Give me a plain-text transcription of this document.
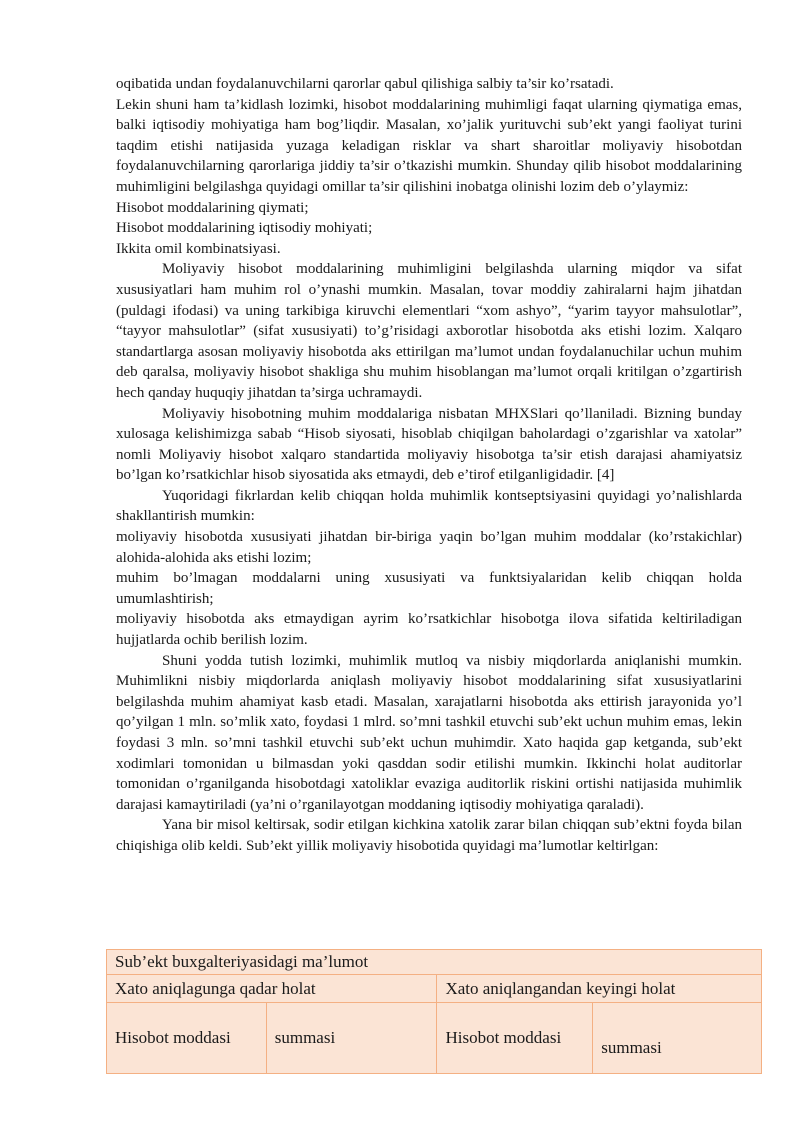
oqibatida undan foydalanuvchilarni qarorlar qabul qilishiga salbiy ta’sir ko’rsatadi.

Lekin shuni ham ta’kidlash lozimki, hisobot moddalarining muhimligi faqat ularning qiymatiga emas, balki iqtisodiy mohiyatiga ham bog’liqdir. Masalan, xo’jalik yurituvchi sub’ekt yangi faoliyat turini taqdim etishi natijasida yuzaga keladigan risklar va shart sharoitlar moliyaviy hisobotdan foydalanuvchilarning qarorlariga jiddiy ta’sir o’tkazishi mumkin. Shunday qilib hisobot moddalarining muhimligini belgilashga quyidagi omillar ta’sir qilishini inobatga olinishi lozim deb o’ylaymiz:

Hisobot moddalarining qiymati;

Hisobot moddalarining iqtisodiy mohiyati;

Ikkita omil kombinatsiyasi.

Moliyaviy hisobot moddalarining muhimligini belgilashda ularning miqdor va sifat xususiyatlari ham muhim rol o’ynashi mumkin. Masalan, tovar moddiy zahiralarni hajm jihatdan (puldagi ifodasi) va uning tarkibiga kiruvchi elementlari “xom ashyo”, “yarim tayyor mahsulotlar”, “tayyor mahsulotlar” (sifat xususiyati) to’g’risidagi axborotlar hisobotda aks etishi lozim. Xalqaro standartlarga asosan moliyaviy hisobotda aks ettirilgan ma’lumot undan foydalanuchilar uchun muhim deb qaralsa, moliyaviy hisobot shakliga shu muhim hisoblangan ma’lumot orqali kritilgan o’zgartirish hech qanday huquqiy jihatdan ta’sirga uchramaydi.

Moliyaviy hisobotning muhim moddalariga nisbatan MHXSlari qo’llaniladi. Bizning bunday xulosaga kelishimizga sabab “Hisob siyosati, hisoblab chiqilgan baholardagi o’zgarishlar va xatolar” nomli Moliyaviy hisobot xalqaro standartida moliyaviy hisobotga ta’sir etish darajasi ahamiyatsiz bo’lgan ko’rsatkichlar hisob siyosatida aks etmaydi, deb e’tirof etilganligidadir. [4]

Yuqoridagi fikrlardan kelib chiqqan holda muhimlik kontseptsiyasini quyidagi yo’nalishlarda shakllantirish mumkin:

moliyaviy hisobotda xususiyati jihatdan bir-biriga yaqin bo’lgan muhim moddalar (ko’rstakichlar) alohida-alohida aks etishi lozim;

muhim bo’lmagan moddalarni uning xususiyati va funktsiyalaridan kelib chiqqan holda umumlashtirish;

moliyaviy hisobotda aks etmaydigan ayrim ko’rsatkichlar hisobotga ilova sifatida keltiriladigan hujjatlarda ochib berilish lozim.

Shuni yodda tutish lozimki, muhimlik mutloq va nisbiy miqdorlarda aniqlanishi mumkin. Muhimlikni nisbiy miqdorlarda aniqlash moliyaviy hisobot moddalarining sifat xususiyatlarini belgilashda muhim ahamiyat kasb etadi. Masalan, xarajatlarni hisobotda aks ettirish jarayonida yo’l qo’yilgan 1 mln. so’mlik xato, foydasi 1 mlrd. so’mni tashkil etuvchi sub’ekt uchun muhim emas, lekin foydasi 3 mln. so’mni tashkil etuvchi sub’ekt uchun muhimdir. Xato haqida gap ketganda, sub’ekt xodimlari tomonidan u bilmasdan yoki qasddan sodir etilishi mumkin. Ikkinchi holat auditorlar tomonidan o’rganilganda hisobotdagi xatoliklar evaziga auditorlik riskini ortishi natijasida muhimlik darajasi kamaytiriladi (ya’ni o’rganilayotgan moddaning iqtisodiy mohiyatiga qaraladi).

Yana bir misol keltirsak, sodir etilgan kichkina xatolik zarar bilan chiqqan sub’ektni foyda bilan chiqishiga olib keldi. Sub’ekt yillik moliyaviy hisobotida quyidagi ma’lumotlar keltirlgan:

Sub’ekt buxgalteriyasidagi ma’lumot			
Xato aniqlagunga qadar holat		Xato aniqlangandan keyingi holat	
Hisobot moddasi	summasi	Hisobot moddasi	summasi
